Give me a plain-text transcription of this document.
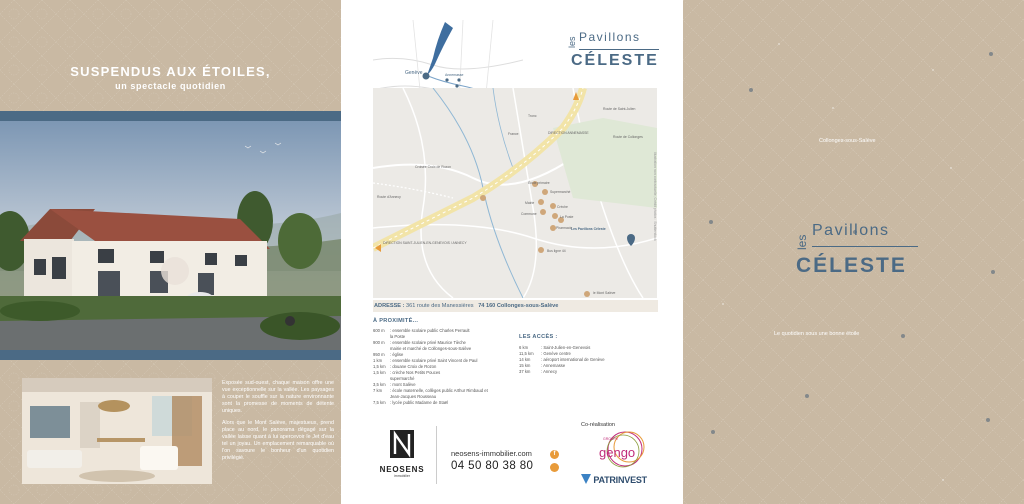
SUSPENDUS AUX ÉTOILES,
un spectacle quotidien

Exposée sud-ouest, chaque maison offre une vue exceptionnelle sur la vallée. Les paysages à couper le souffle sur la nature environnante sont la promesse de moments de détente uniques.

Alors que le Mont Salève, majestueux, prend place au nord, le panorama dégagé sur la vallée laisse quant à lui apercevoir le Jet d'eau tel un joyau. Un emplacement remarquable où l'on savoure le bonheur d'un quotidien privilégié.

Genève	Annemasse
les Pavillons
CÉLESTE
Tronc
France	DIRECTION ANNEMASSE
Route de Saint-Julien
Route de Collonges
Croisée Croix de Rozon
École primaire
Supermarché
Mairie
Crèche
Commune
La Poste
Pharmacie
Les Pavillons Céleste
Bus ligne 44
DIRECTION SAINT-JULIEN-EN-GENEVOIS / ANNECY
le Mont Salève
Route d'Annecy	Illustration non contractuelle, Crédit photos : Shutterstock
ADRESSE : 361 route des Manessières 74 160 Collonges-sous-Salève
À PROXIMITÉ...
600 m	: ensemble scolaire public Charles Perrault
la Poste
900 m	: ensemble scolaire privé Maurice Tièche
mairie et marché de Collonges-sous-Salève
950 m	: église
1 km	: ensemble scolaire privé Saint Vincent de Paul
1,5 km	: douane Croix de Rozon
1,5 km	: crèche Nos Petits Pouces
supermarché
3,5 km	: mont Salève
7 km	: école maternelle, collèges public Arthur Rimbaud et
Jean-Jacques Rousseau
7,5 km	: lycée public Madame de Staël
LES ACCÈS :
6 km	: Saint-Julien-en-Genevois
11,5 km	: Genève centre
14 km	: aéroport international de Genève
15 km	: Annemasse
37 km	: Annecy
NEOSENS
immobilier
neosens-immobilier.com	f
04 50 80 38 80
Co-réalisation
GROUPE
gengo
PATRINVEST
Collonges-sous-Salève
les
Pavillons
CÉLESTE
Le quotidien sous une bonne étoile
